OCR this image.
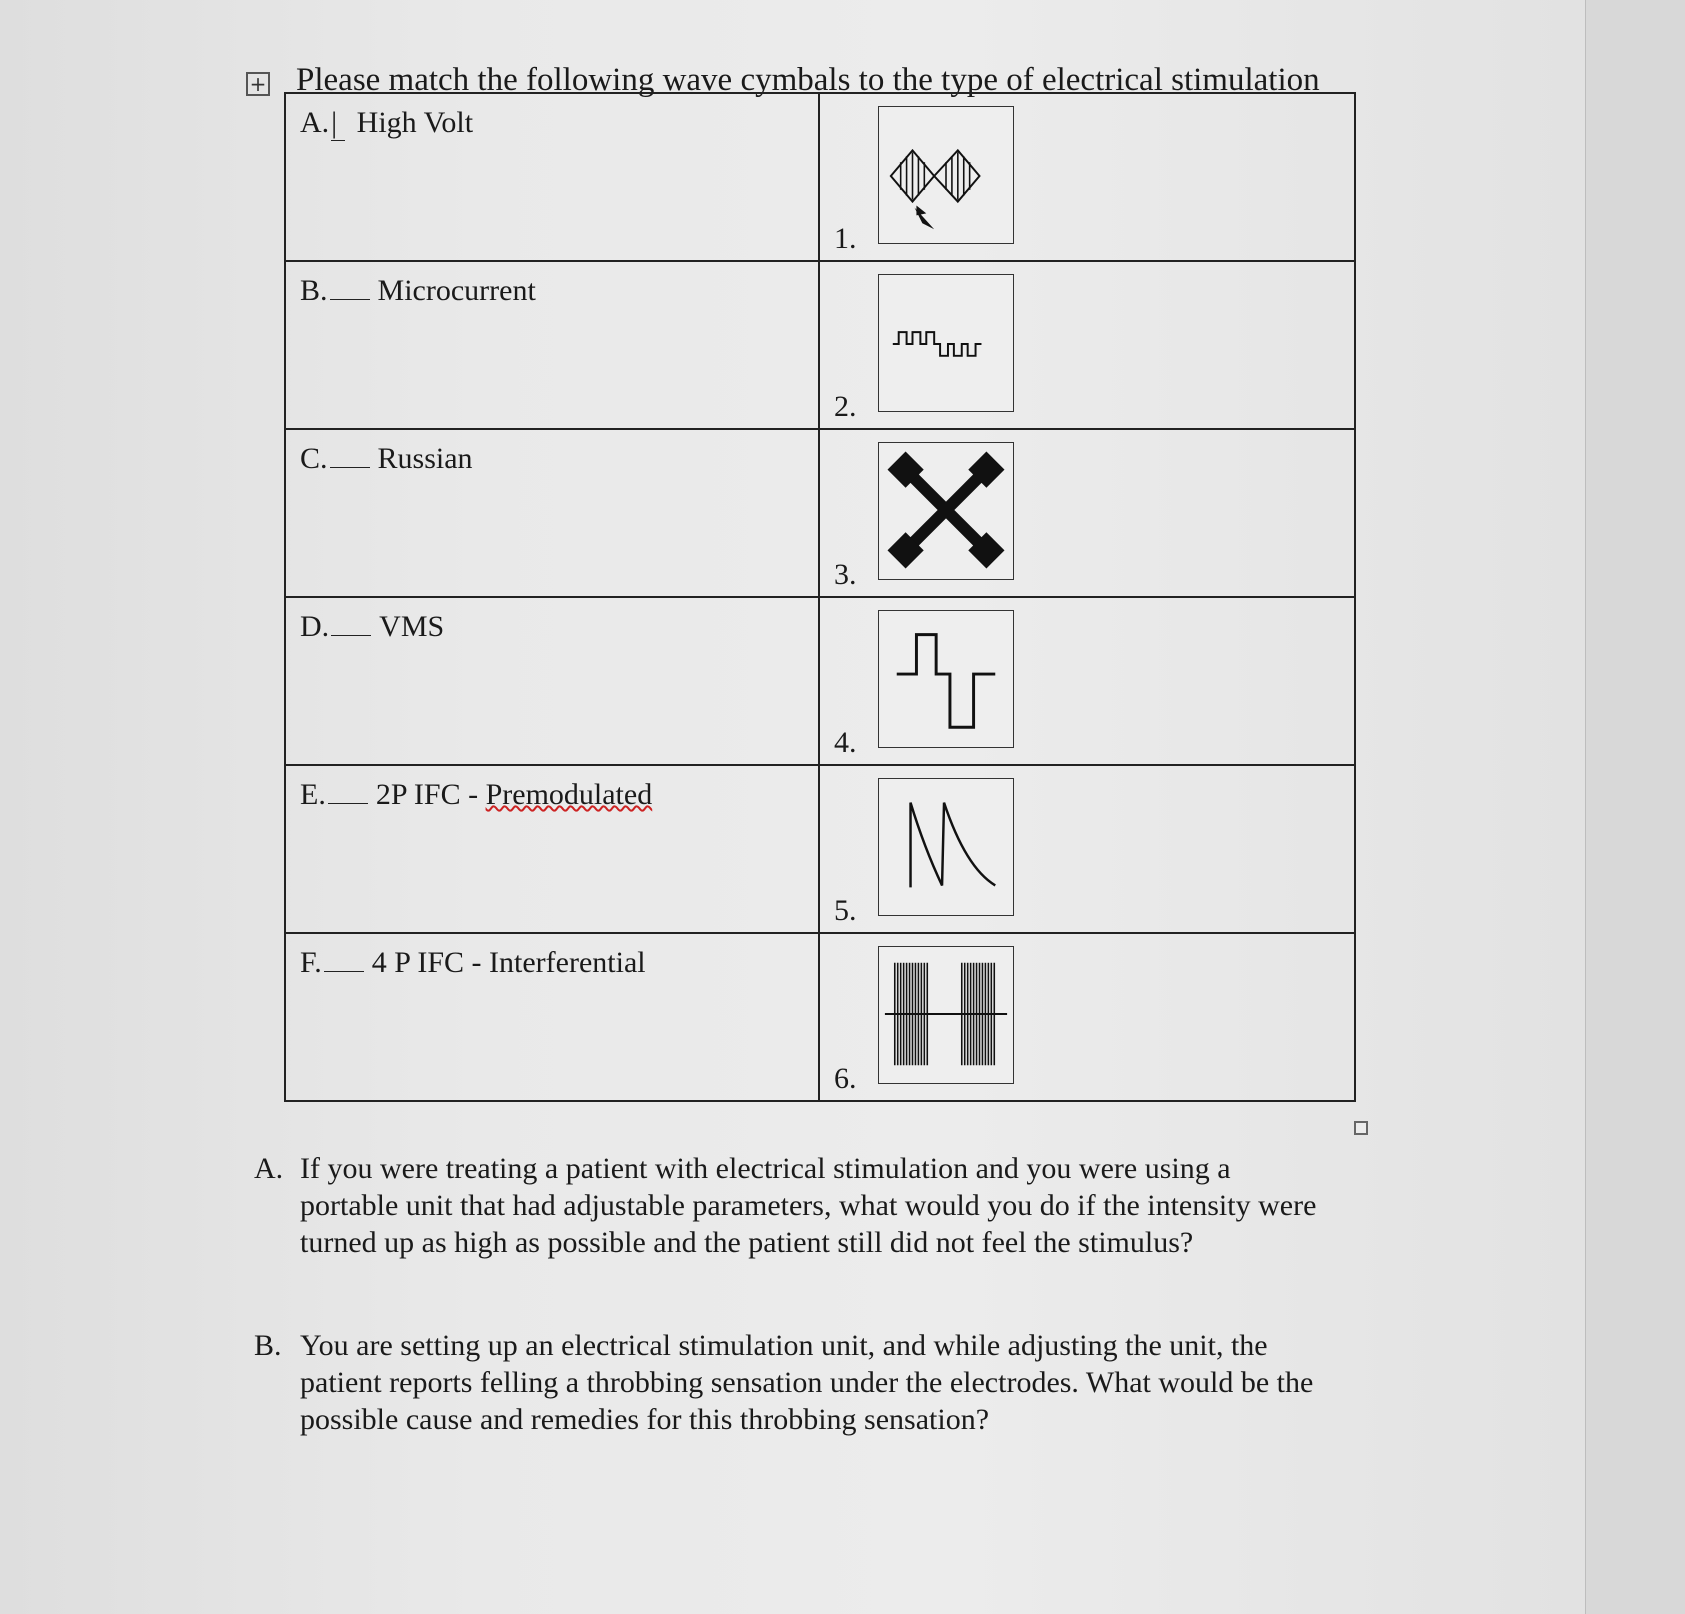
+ Please match the following wave cymbals to the type of electrical stimulation
A.| High Volt	1.

B. Microcurrent	2.

C. Russian	3.

D. VMS	4.

E. 2P IFC - Premodulated	5.

F. 4 P IFC - Interferential	6.
A. If you were treating a patient with electrical stimulation and you were using a portable unit that had adjustable parameters, what would you do if the intensity were turned up as high as possible and the patient still did not feel the stimulus?
B. You are setting up an electrical stimulation unit, and while adjusting the unit, the patient reports felling a throbbing sensation under the electrodes. What would be the possible cause and remedies for this throbbing sensation?
